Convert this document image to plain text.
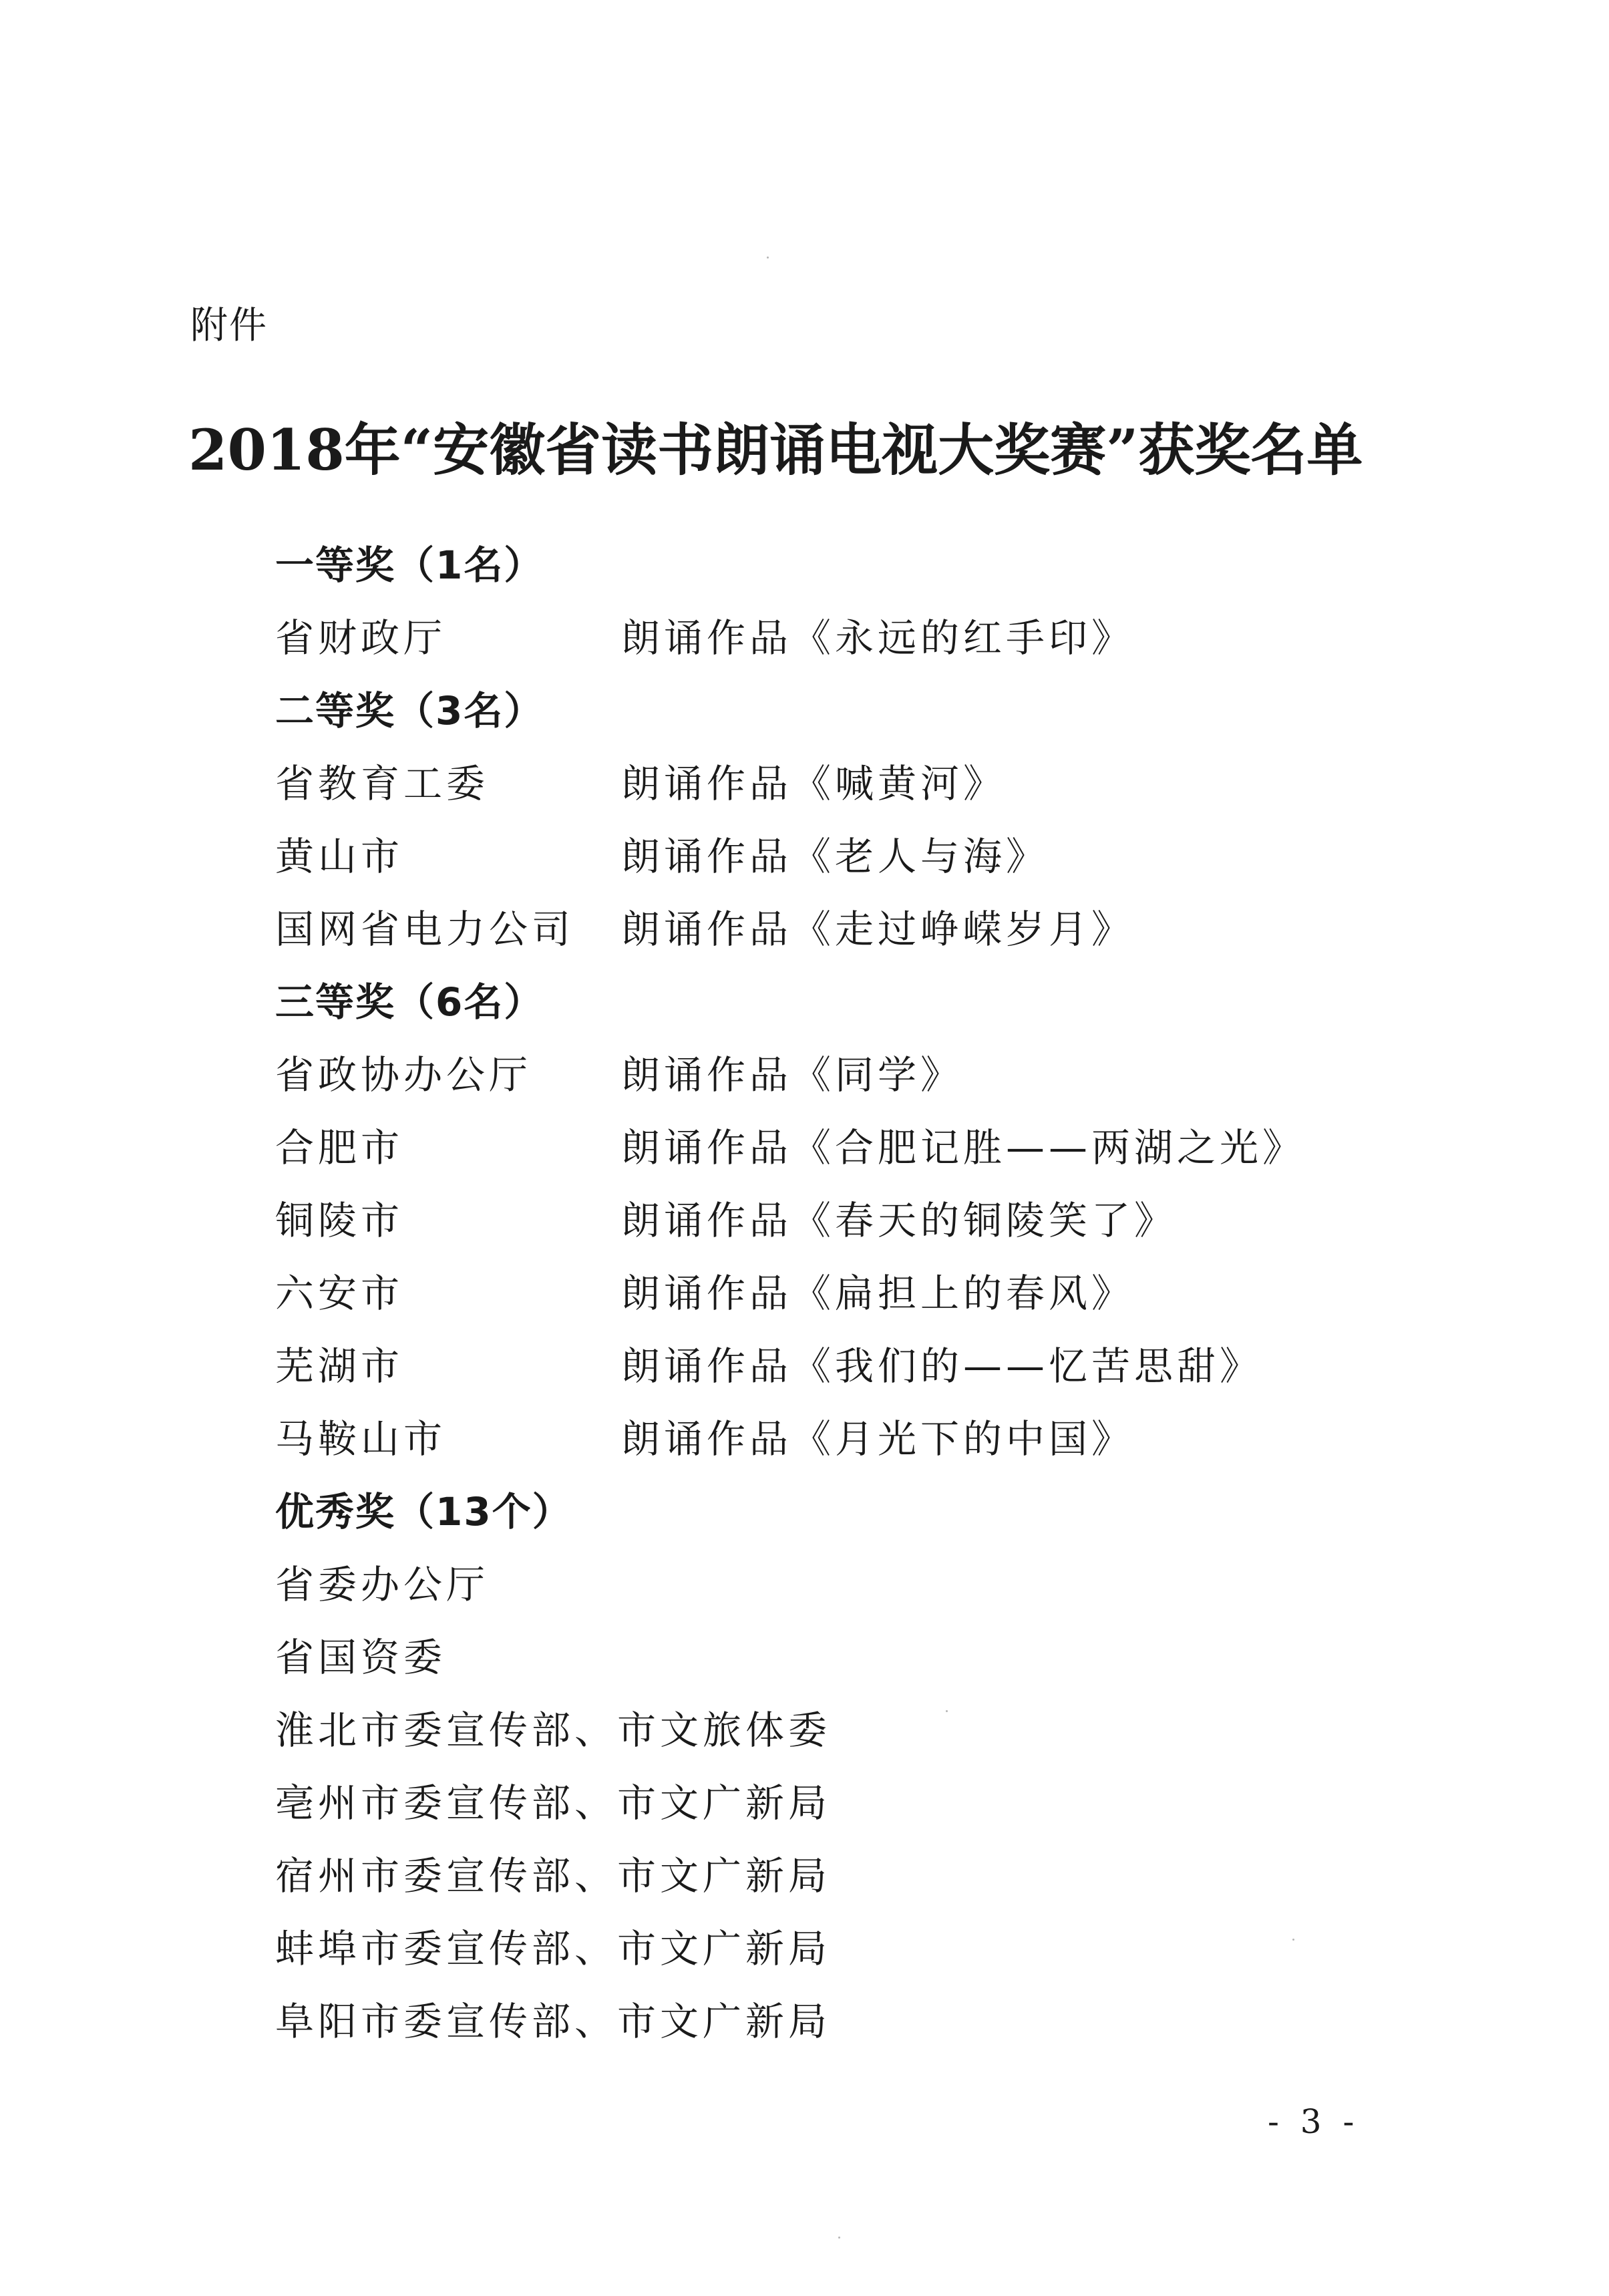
附件
2018年“安徽省读书朗诵电视大奖赛”获奖名单
一等奖（1名）
省财政厅	朗诵作品《永远的红手印》
二等奖（3名）
省教育工委	朗诵作品《喊黄河》
黄山市	朗诵作品《老人与海》
国网省电力公司 朗诵作品《走过峥嵘岁月》
三等奖（6名）
省政协办公厅 朗诵作品《同学》
合肥市	朗诵作品《合肥记胜——两湖之光》
铜陵市	朗诵作品《春天的铜陵笑了》
六安市	朗诵作品《扁担上的春风》
芜湖市	朗诵作品《我们的——忆苦思甜》
马鞍山市	朗诵作品《月光下的中国》
优秀奖（13个）
省委办公厅
省国资委
淮北市委宣传部、市文旅体委
亳州市委宣传部、市文广新局
宿州市委宣传部、市文广新局
蚌埠市委宣传部、市文广新局
阜阳市委宣传部、市文广新局
- 3 -
